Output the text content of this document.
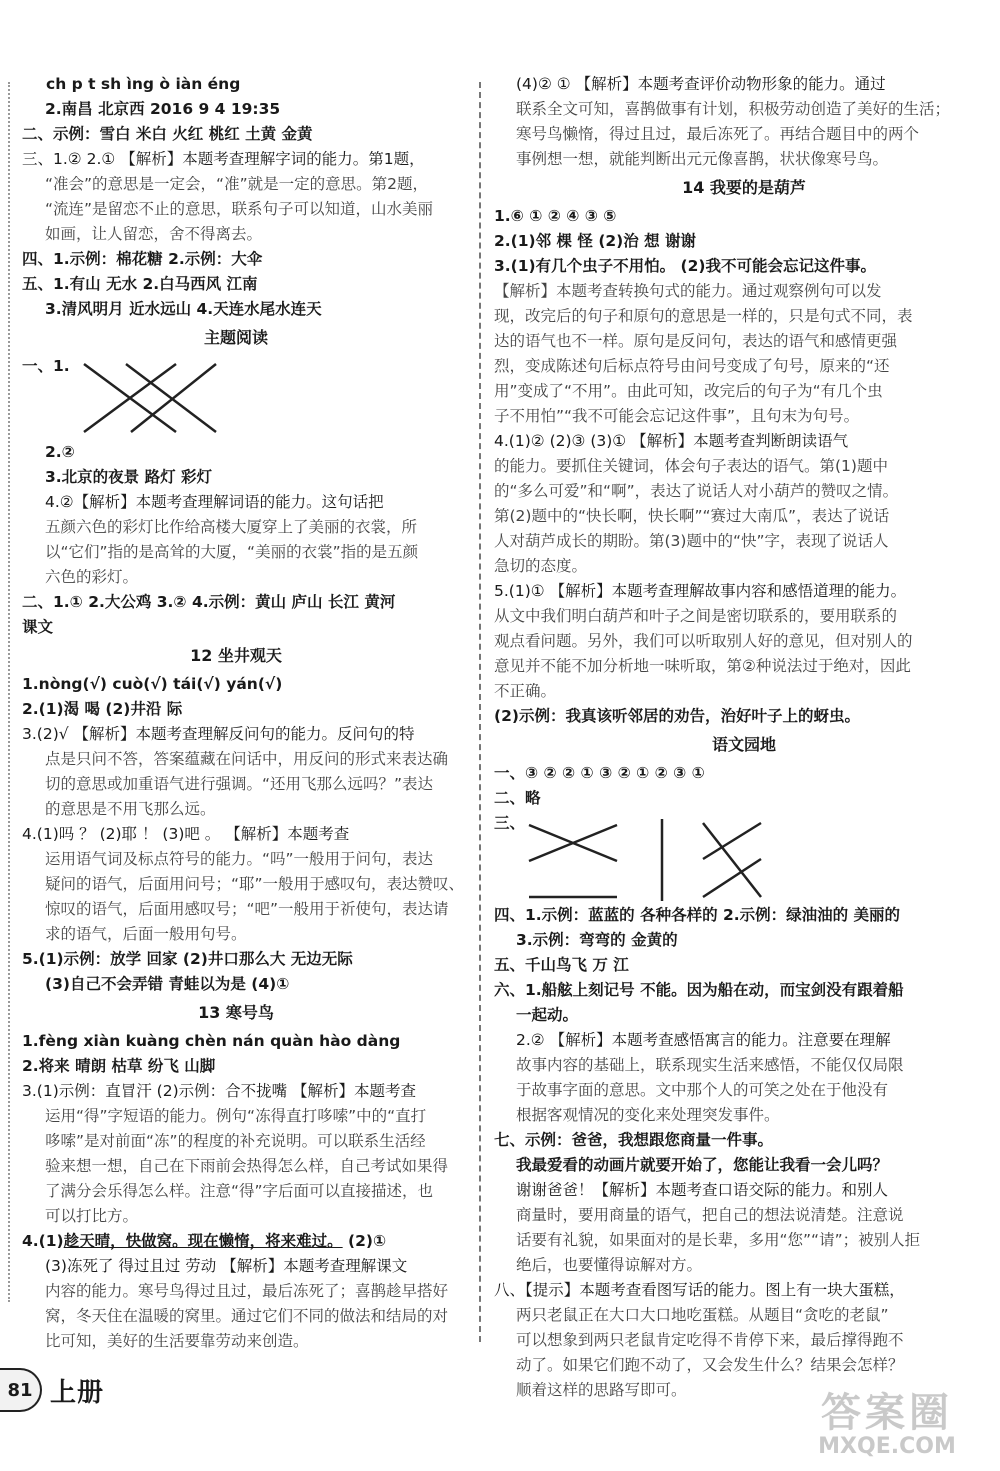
ch p t sh ìng ò iàn éng

2.南昌 北京西 2016 9 4 19:35

二、示例：雪白 米白 火红 桃红 土黄 金黄

三、1.② 2.① 【解析】本题考查理解字词的能力。第1题，

“准会”的意思是一定会，“准”就是一定的意思。第2题，

“流连”是留恋不止的意思，联系句子可以知道，山水美丽

如画，让人留恋，舍不得离去。

四、1.示例：棉花糖 2.示例：大伞

五、1.有山 无水 2.白马西风 江南

3.清风明月 近水远山 4.天连水尾水连天

主题阅读

一、1.

2.②

3.北京的夜景 路灯 彩灯

4.②【解析】本题考查理解词语的能力。这句话把

五颜六色的彩灯比作给高楼大厦穿上了美丽的衣裳，所

以“它们”指的是高耸的大厦，“美丽的衣裳”指的是五颜

六色的彩灯。

二、1.① 2.大公鸡 3.② 4.示例：黄山 庐山 长江 黄河

课文

12 坐井观天

1.nòng(√) cuò(√) tái(√) yán(√)

2.(1)渴 喝 (2)井沿 际

3.(2)√ 【解析】本题考查理解反问句的能力。反问句的特

点是只问不答，答案蕴藏在问话中，用反问的形式来表达确

切的意思或加重语气进行强调。“还用飞那么远吗？”表达

的意思是不用飞那么远。

4.(1)吗 ？ (2)耶 ！ (3)吧 。 【解析】本题考查

运用语气词及标点符号的能力。“吗”一般用于问句，表达

疑问的语气，后面用问号；“耶”一般用于感叹句，表达赞叹、

惊叹的语气，后面用感叹号；“吧”一般用于祈使句，表达请

求的语气，后面一般用句号。

5.(1)示例：放学 回家 (2)井口那么大 无边无际

(3)自己不会弄错 青蛙以为是 (4)①

13 寒号鸟

1.fèng xiàn kuàng chèn nán quàn hào dàng

2.将来 晴朗 枯草 纷飞 山脚

3.(1)示例：直冒汗 (2)示例：合不拢嘴 【解析】本题考查

运用“得”字短语的能力。例句“冻得直打哆嗦”中的“直打

哆嗦”是对前面“冻”的程度的补充说明。可以联系生活经

验来想一想，自己在下雨前会热得怎么样，自己考试如果得

了满分会乐得怎么样。注意“得”字后面可以直接描述，也

可以打比方。

4.(1)趁天晴，快做窝。现在懒惰，将来难过。 (2)①

(3)冻死了 得过且过 劳动 【解析】本题考查理解课文

内容的能力。寒号鸟得过且过，最后冻死了；喜鹊趁早搭好

窝，冬天住在温暖的窝里。通过它们不同的做法和结局的对

比可知，美好的生活要靠劳动来创造。

(4)② ① 【解析】本题考查评价动物形象的能力。通过

联系全文可知，喜鹊做事有计划，积极劳动创造了美好的生活；

寒号鸟懒惰，得过且过，最后冻死了。再结合题目中的两个

事例想一想，就能判断出元元像喜鹊，状状像寒号鸟。

14 我要的是葫芦

1.⑥ ① ② ④ ③ ⑤

2.(1)邻 棵 怪 (2)治 想 谢谢

3.(1)有几个虫子不用怕。 (2)我不可能会忘记这件事。

【解析】本题考查转换句式的能力。通过观察例句可以发

现，改完后的句子和原句的意思是一样的，只是句式不同，表

达的语气也不一样。原句是反问句，表达的语气和感情更强

烈，变成陈述句后标点符号由问号变成了句号，原来的“还

用”变成了“不用”。由此可知，改完后的句子为“有几个虫

子不用怕”“我不可能会忘记这件事”，且句末为句号。

4.(1)② (2)③ (3)① 【解析】本题考查判断朗读语气

的能力。要抓住关键词，体会句子表达的语气。第(1)题中

的“多么可爱”和“啊”，表达了说话人对小葫芦的赞叹之情。

第(2)题中的“快长啊，快长啊”“赛过大南瓜”，表达了说话

人对葫芦成长的期盼。第(3)题中的“快”字，表现了说话人

急切的态度。

5.(1)① 【解析】本题考查理解故事内容和感悟道理的能力。

从文中我们明白葫芦和叶子之间是密切联系的，要用联系的

观点看问题。另外，我们可以听取别人好的意见，但对别人的

意见并不能不加分析地一味听取，第②种说法过于绝对，因此

不正确。

(2)示例：我真该听邻居的劝告，治好叶子上的蚜虫。

语文园地

一、③ ② ② ① ③ ② ① ② ③ ①

二、略

三、

四、1.示例：蓝蓝的 各种各样的 2.示例：绿油油的 美丽的

3.示例：弯弯的 金黄的

五、千山鸟飞 万 江

六、1.船舷上刻记号 不能。因为船在动，而宝剑没有跟着船

一起动。

2.② 【解析】本题考查感悟寓言的能力。注意要在理解

故事内容的基础上，联系现实生活来感悟，不能仅仅局限

于故事字面的意思。文中那个人的可笑之处在于他没有

根据客观情况的变化来处理突发事件。

七、示例：爸爸，我想跟您商量一件事。

我最爱看的动画片就要开始了，您能让我看一会儿吗？

谢谢爸爸！【解析】本题考查口语交际的能力。和别人

商量时，要用商量的语气，把自己的想法说清楚。注意说

话要有礼貌，如果面对的是长辈，多用“您”“请”；被别人拒

绝后，也要懂得谅解对方。

八、【提示】本题考查看图写话的能力。图上有一块大蛋糕，

两只老鼠正在大口大口地吃蛋糕。从题目“贪吃的老鼠”

可以想象到两只老鼠肯定吃得不肯停下来，最后撑得跑不

动了。如果它们跑不动了，又会发生什么？结果会怎样？

顺着这样的思路写即可。

81 上册	答案圈
MXQE.COM
